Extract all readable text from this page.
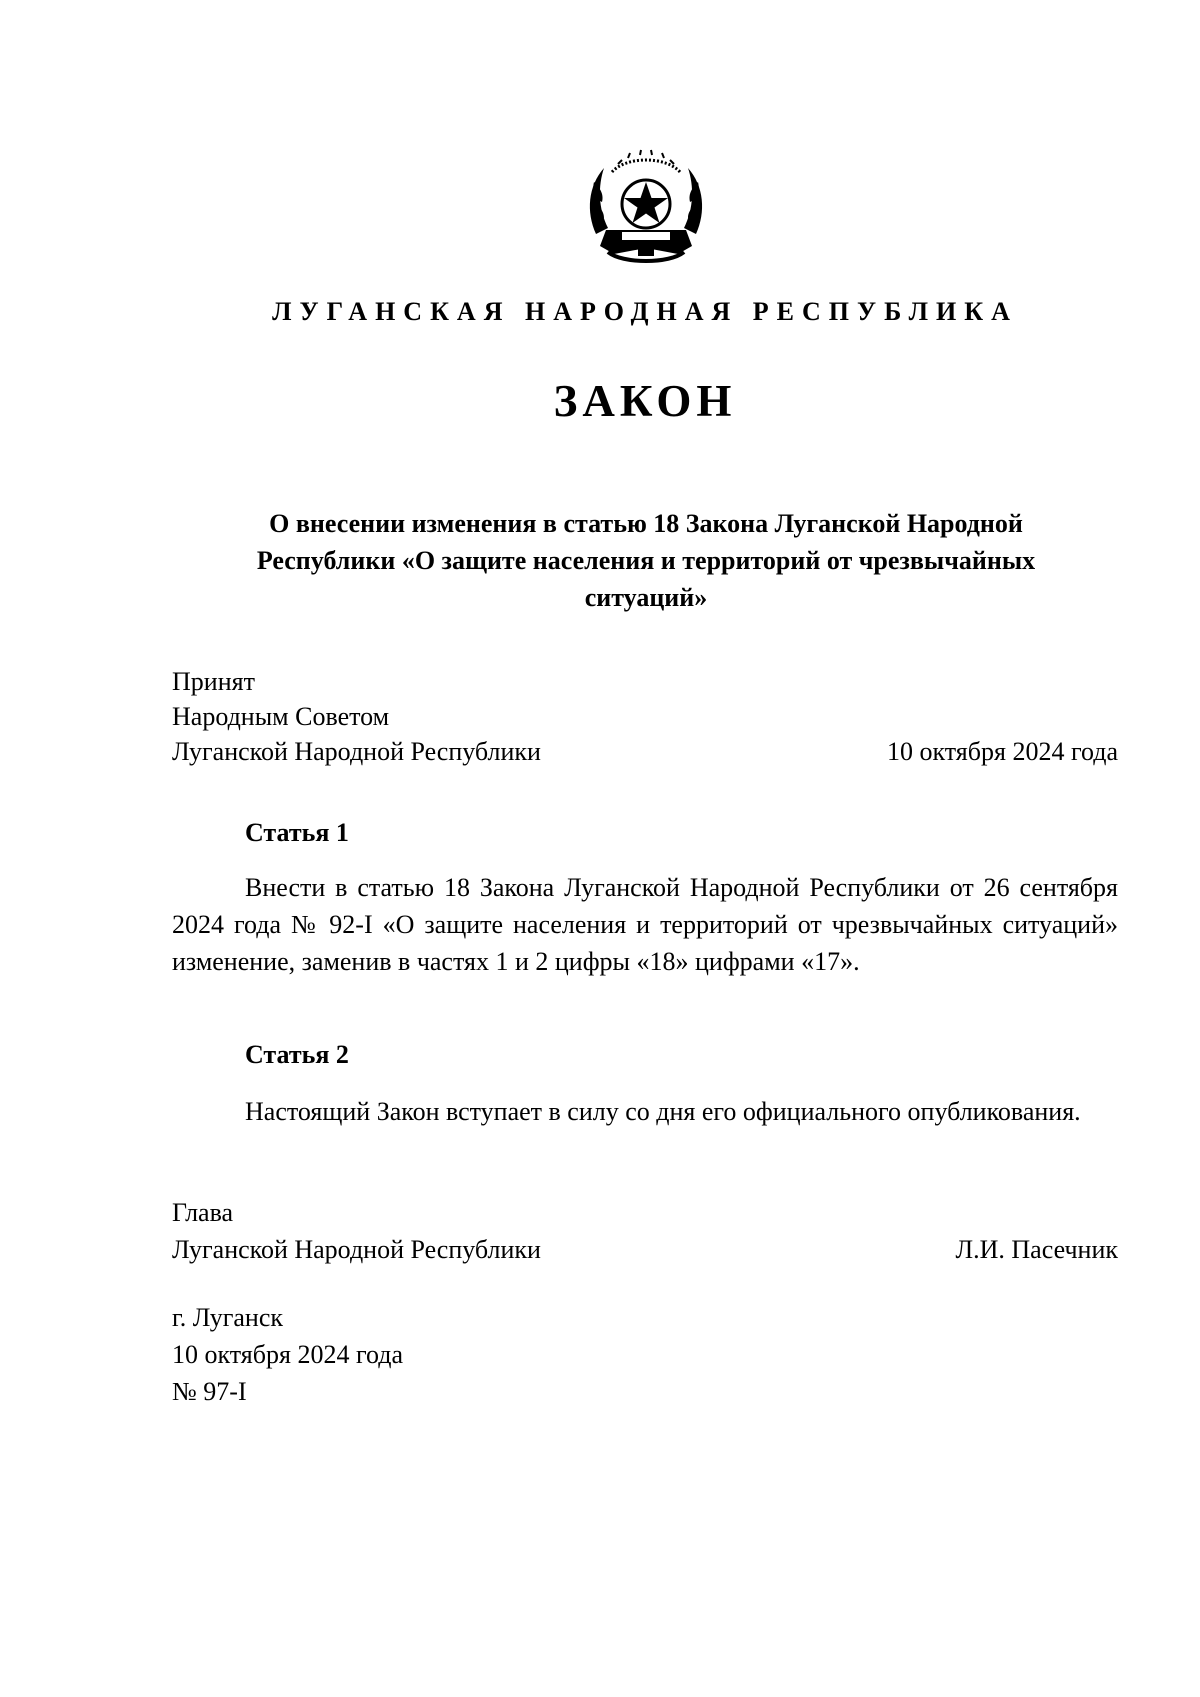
ЛУГАНСКАЯ НАРОДНАЯ РЕСПУБЛИКА
ЗАКОН
О внесении изменения в статью 18 Закона Луганской Народной Республики «О защите населения и территорий от чрезвычайных ситуаций»
Принят
Народным Советом
Луганской Народной Республики	10 октября 2024 года
Статья 1
Внести в статью 18 Закона Луганской Народной Республики от 26 сентября 2024 года № 92-I «О защите населения и территорий от чрезвычайных ситуаций» изменение, заменив в частях 1 и 2 цифры «18» цифрами «17».
Статья 2
Настоящий Закон вступает в силу со дня его официального опубликования.
Глава
Луганской Народной Республики	Л.И. Пасечник
г. Луганск
10 октября 2024 года
№ 97-I
